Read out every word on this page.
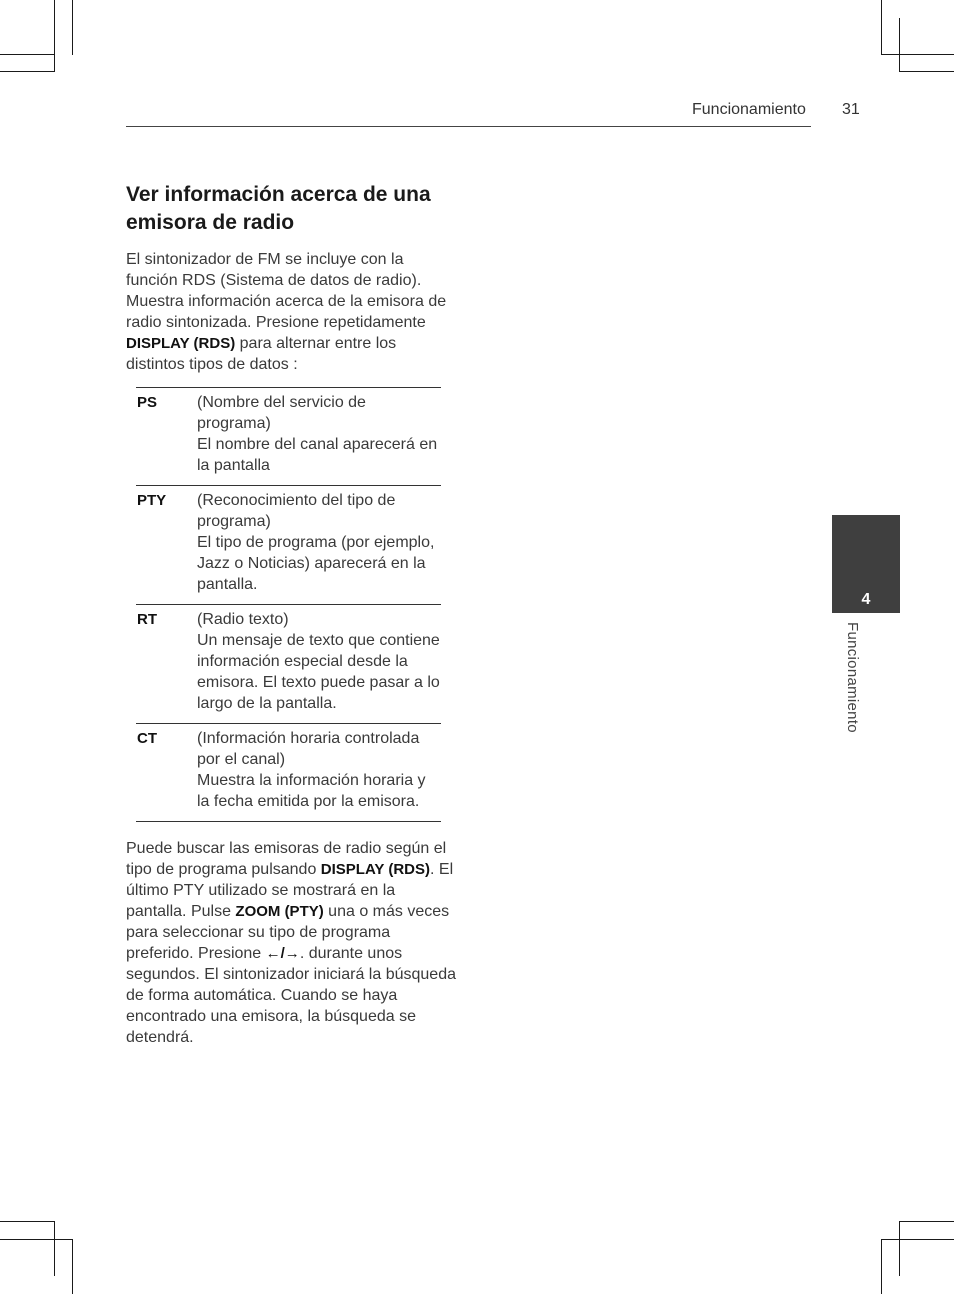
Funcionamiento 31
Ver información acerca de una emisora de radio

El sintonizador de FM se incluye con la función RDS (Sistema de datos de radio). Muestra información acerca de la emisora de radio sintonizada. Presione repetidamente DISPLAY (RDS) para alternar entre los distintos tipos de datos :

PS	(Nombre del servicio de programa)
El nombre del canal aparecerá en la pantalla
PTY	(Reconocimiento del tipo de programa)
El tipo de programa (por ejemplo, Jazz o Noticias) aparecerá en la pantalla.
RT	(Radio texto)
Un mensaje de texto que contiene información especial desde la emisora. El texto puede pasar a lo largo de la pantalla.
CT	(Información horaria controlada por el canal)
Muestra la información horaria y la fecha emitida por la emisora.

Puede buscar las emisoras de radio según el tipo de programa pulsando DISPLAY (RDS). El último PTY utilizado se mostrará en la pantalla. Pulse ZOOM (PTY) una o más veces para seleccionar su tipo de programa preferido. Presione ←/→. durante unos segundos. El sintonizador iniciará la búsqueda de forma automática. Cuando se haya encontrado una emisora, la búsqueda se detendrá.

4
Funcionamiento
